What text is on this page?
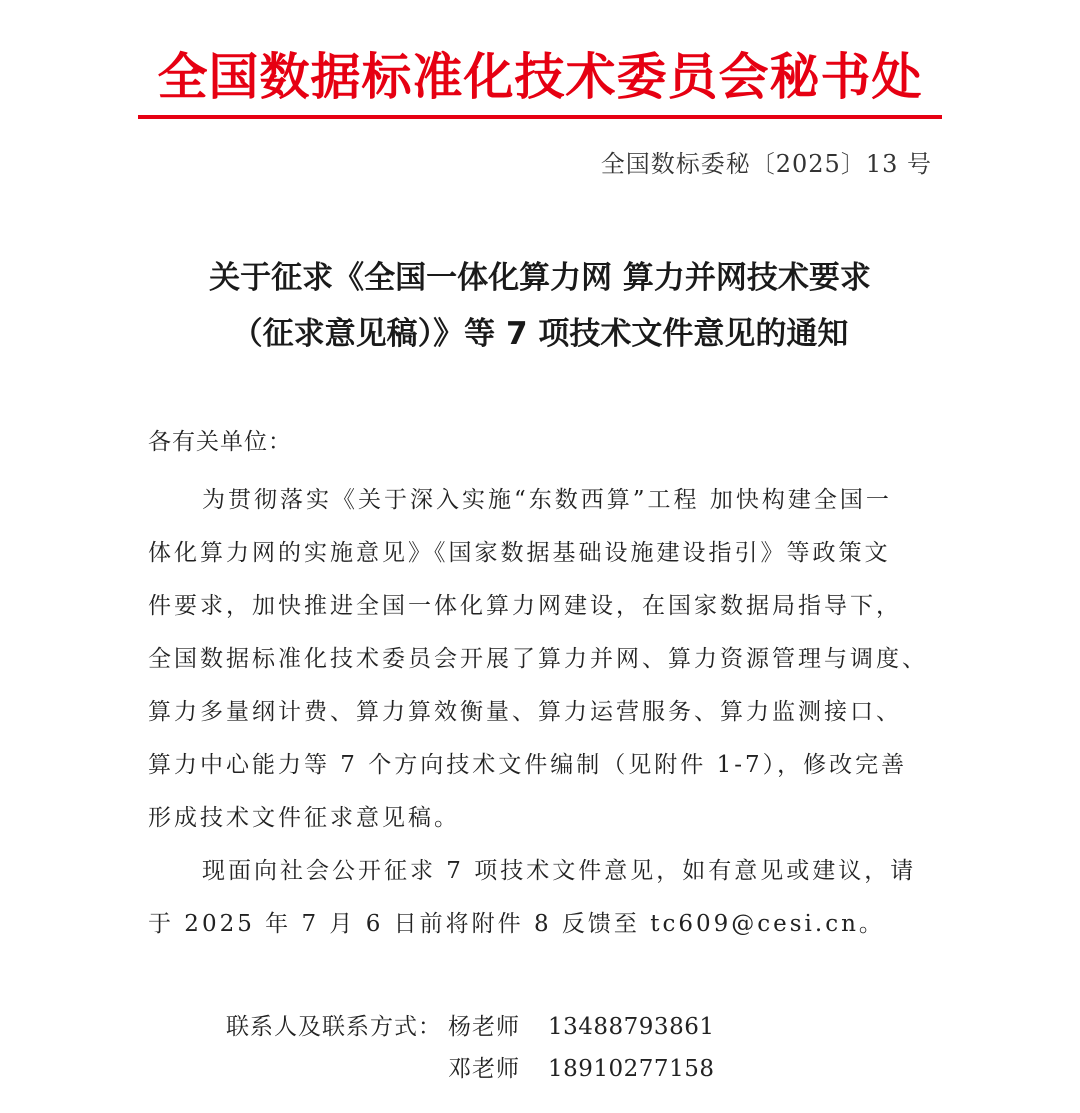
全国数据标准化技术委员会秘书处
全国数标委秘〔2025〕13 号
关于征求《全国一体化算力网 算力并网技术要求
（征求意见稿）》等 7 项技术文件意见的通知
各有关单位：
为贯彻落实《关于深入实施“东数西算”工程 加快构建全国一
体化算力网的实施意见》《国家数据基础设施建设指引》等政策文
件要求，加快推进全国一体化算力网建设，在国家数据局指导下，
全国数据标准化技术委员会开展了算力并网、算力资源管理与调度、
算力多量纲计费、算力算效衡量、算力运营服务、算力监测接口、
算力中心能力等 7 个方向技术文件编制（见附件 1-7），修改完善
形成技术文件征求意见稿。
现面向社会公开征求 7 项技术文件意见，如有意见或建议，请
于 2025 年 7 月 6 日前将附件 8 反馈至 tc609@cesi.cn。
联系人及联系方式： 杨老师 13488793861
邓老师 18910277158
